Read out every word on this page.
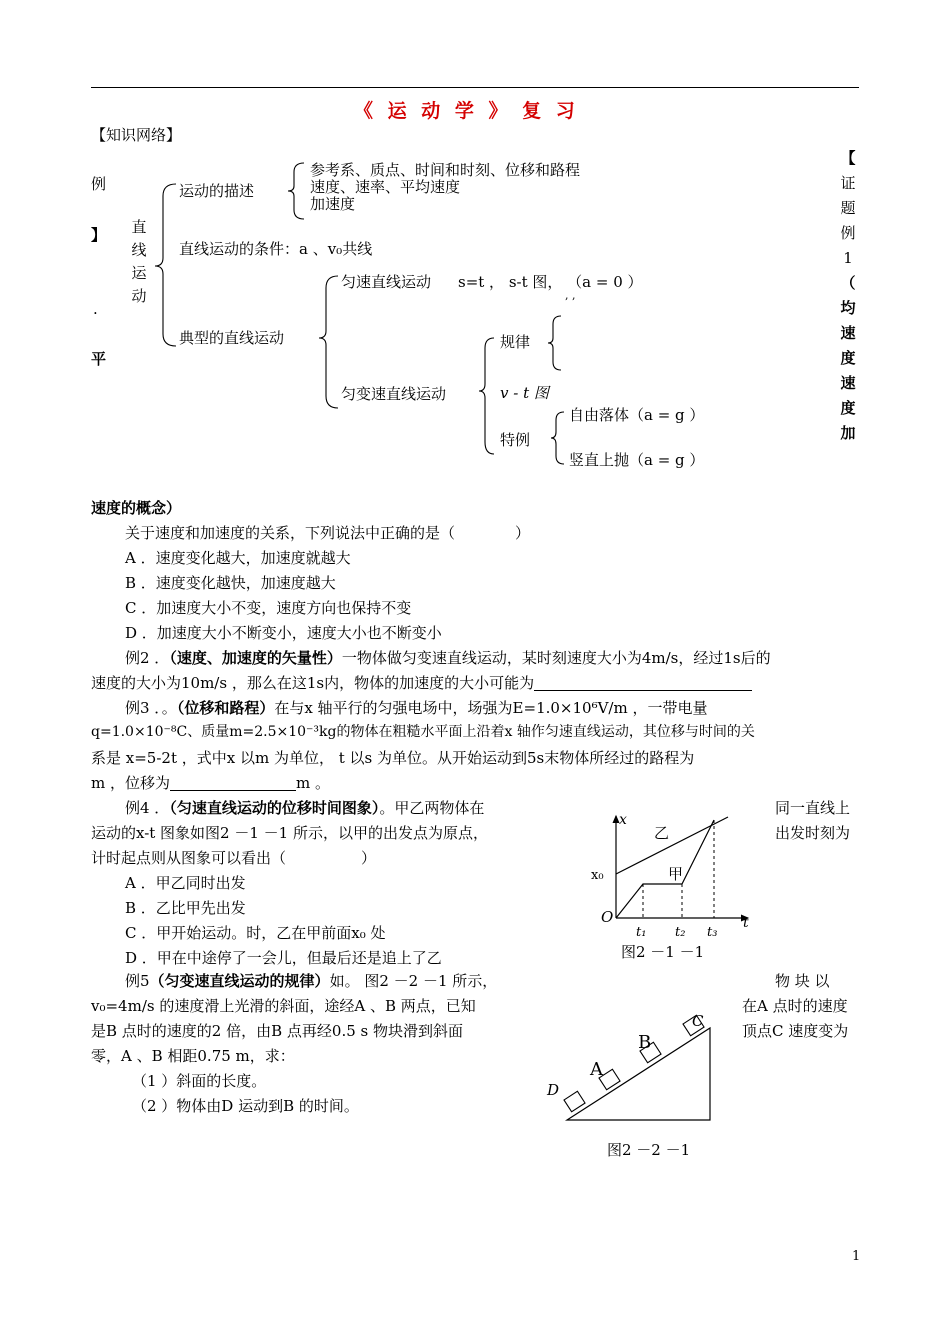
《 运 动 学 》 复 习
【知识网络】
例
】
.
平
【
证
题
例
1
（
均
速
度
速
度
加
直
线
运
动
运动的描述
参考系、质点、时间和时刻、位移和路程
速度、速率、平均速度
加速度
直线运动的条件：a 、v₀共线
典型的直线运动
匀速直线运动 s=t ， s-t 图， （a = 0 ）
, ,
匀变速直线运动
规律
v - t 图
特例
自由落体（a = g ）
竖直上抛（a = g ）
速度的概念）
关于速度和加速度的关系，下列说法中正确的是（　　　　）
A ．速度变化越大，加速度就越大
B ．速度变化越快，加速度越大
C ．加速度大小不变，速度方向也保持不变
D ．加速度大小不断变小，速度大小也不断变小
例2 ．（速度、加速度的矢量性）一物体做匀变速直线运动，某时刻速度大小为4m/s，经过1s后的
速度的大小为10m/s ，那么在这1s内，物体的加速度的大小可能为
例3 ．。（位移和路程）在与x 轴平行的匀强电场中，场强为E=1.0×10⁶V/m ，一带电量
q=1.0×10⁻⁸C、质量m=2.5×10⁻³kg的物体在粗糙水平面上沿着x 轴作匀速直线运动，其位移与时间的关
系是 x=5-2t ，式中x 以m 为单位， t 以s 为单位。从开始运动到5s末物体所经过的路程为
m ，位移为	m 。
例4 ．（匀速直线运动的位移时间图象）。甲乙两物体在	同一直线上
运动的x-t 图象如图2 －1 －1 所示，以甲的出发点为原点，	出发时刻为
计时起点则从图象可以看出（　　　　　）
A ．甲乙同时出发
B ．乙比甲先出发
C ．甲开始运动。时，乙在甲前面x₀ 处
D ．甲在中途停了一会儿，但最后还是追上了乙
x
t
O
x₀	甲
乙
t₁ t₂ t₃
图2 －1 －1
例5（匀变速直线运动的规律）如。 图2 －2 －1 所示，	物 块 以
v₀=4m/s 的速度滑上光滑的斜面，途经A 、B 两点，已知	在A 点时的速度
是B 点时的速度的2 倍，由B 点再经0.5 s 物块滑到斜面	顶点C 速度变为
零，A 、B 相距0.75 m，求：
（1 ）斜面的长度。
（2 ）物体由D 运动到B 的时间。
D
A
B
C
图2 －2 －1
1
